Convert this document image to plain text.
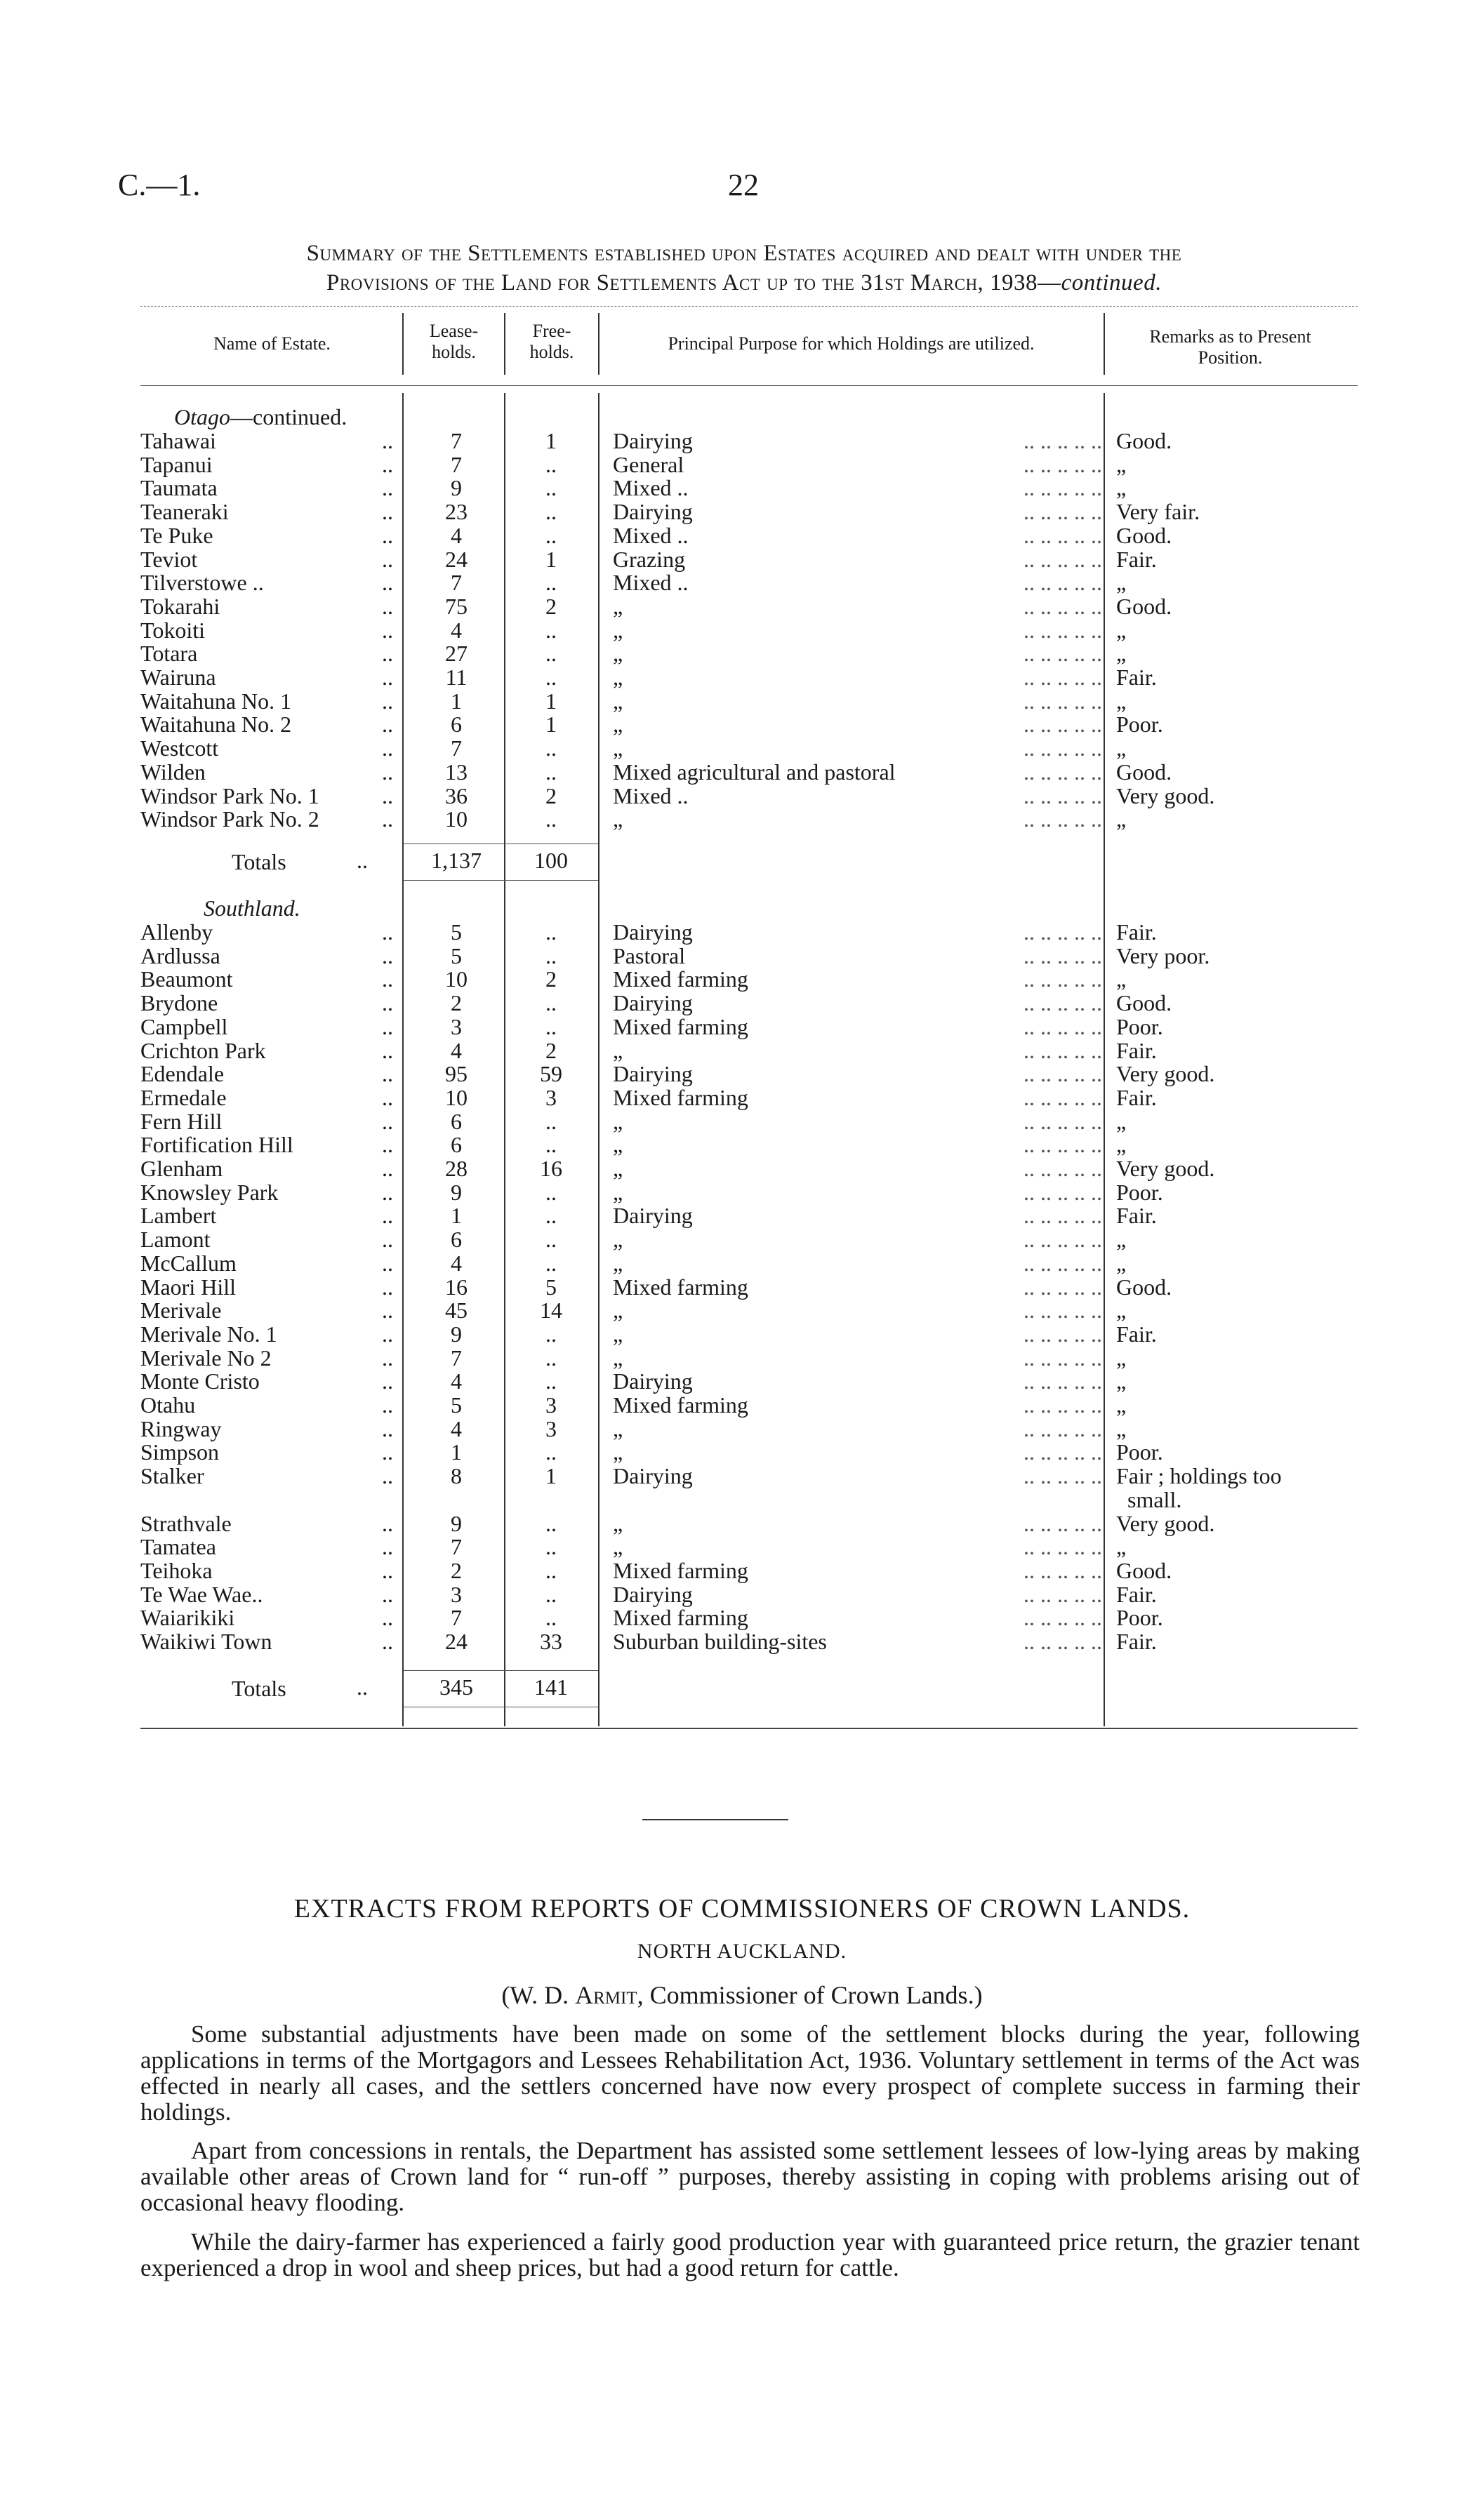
C.—1.	22
Summary of the Settlements established upon Estates acquired and dealt with under the
Provisions of the Land for Settlements Act up to the 31st March, 1938—continued.
Name of Estate.
Lease-
holds.
Free-
holds.	Principal Purpose for which Holdings are utilized.	Remarks as to Present
Position.
Otago—continued.
Tahawai	..	7	1	Dairying	.. .. .. .. .. Good.
Tapanui	..	7	..	General	.. .. .. .. .. „
Taumata	..	9	..	Mixed ..	.. .. .. .. .. „
Teaneraki	..	23	..	Dairying	.. .. .. .. .. Very fair.
Te Puke	..	4	..	Mixed ..	.. .. .. .. .. Good.
Teviot	..	24	1	Grazing	.. .. .. .. .. Fair.
Tilverstowe ..	..	7	..	Mixed ..	.. .. .. .. .. „
Tokarahi	..	75	2	„	.. .. .. .. .. Good.
Tokoiti	..	4	..	„	.. .. .. .. .. „
Totara	..	27	..	„	.. .. .. .. .. „
Wairuna	..	11	..	„	.. .. .. .. .. Fair.
Waitahuna No. 1	..	1	1	„	.. .. .. .. .. „
Waitahuna No. 2	..	6	1	„	.. .. .. .. .. Poor.
Westcott	..	7	..	„	.. .. .. .. .. „
Wilden	..	13	..	Mixed agricultural and pastoral	.. .. .. .. .. Good.
Windsor Park No. 1	..	36	2	Mixed ..	.. .. .. .. .. Very good.
Windsor Park No. 2	..	10	..	„	.. .. .. .. .. „
Totals	..	1,137	100
Southland.
Allenby	..	5	..	Dairying	.. .. .. .. .. Fair.
Ardlussa	..	5	..	Pastoral	.. .. .. .. .. Very poor.
Beaumont	..	10	2	Mixed farming	.. .. .. .. .. „
Brydone	..	2	..	Dairying	.. .. .. .. .. Good.
Campbell	..	3	..	Mixed farming	.. .. .. .. .. Poor.
Crichton Park	..	4	2	„	.. .. .. .. .. Fair.
Edendale	..	95	59	Dairying	.. .. .. .. .. Very good.
Ermedale	..	10	3	Mixed farming	.. .. .. .. .. Fair.
Fern Hill	..	6	..	„	.. .. .. .. .. „
Fortification Hill	..	6	..	„	.. .. .. .. .. „
Glenham	..	28	16	„	.. .. .. .. .. Very good.
Knowsley Park	..	9	..	„	.. .. .. .. .. Poor.
Lambert	..	1	..	Dairying	.. .. .. .. .. Fair.
Lamont	..	6	..	„	.. .. .. .. .. „
McCallum	..	4	..	„	.. .. .. .. .. „
Maori Hill	..	16	5	Mixed farming	.. .. .. .. .. Good.
Merivale	..	45	14	„	.. .. .. .. .. „
Merivale No. 1	..	9	..	„	.. .. .. .. .. Fair.
Merivale No 2	..	7	..	„	.. .. .. .. .. „
Monte Cristo	..	4	..	Dairying	.. .. .. .. .. „
Otahu	..	5	3	Mixed farming	.. .. .. .. .. „
Ringway	..	4	3	„	.. .. .. .. .. „
Simpson	..	1	..	„	.. .. .. .. .. Poor.
Stalker	..	8	1	Dairying	.. .. .. .. .. Fair ; holdings too
small.
Strathvale	..	9	..	„	.. .. .. .. .. Very good.
Tamatea	..	7	..	„	.. .. .. .. .. „
Teihoka	..	2	..	Mixed farming	.. .. .. .. .. Good.
Te Wae Wae..	..	3	..	Dairying	.. .. .. .. .. Fair.
Waiarikiki	..	7	..	Mixed farming	.. .. .. .. .. Poor.
Waikiwi Town	..	24	33	Suburban building-sites	.. .. .. .. .. Fair.
Totals	..	345	141
EXTRACTS FROM REPORTS OF COMMISSIONERS OF CROWN LANDS.
NORTH AUCKLAND.
(W. D. Armit, Commissioner of Crown Lands.)
Some substantial adjustments have been made on some of the settlement blocks during the year, following applications in terms of the Mortgagors and Lessees Rehabilitation Act, 1936. Voluntary settlement in terms of the Act was effected in nearly all cases, and the settlers concerned have now every prospect of complete success in farming their holdings.
Apart from concessions in rentals, the Department has assisted some settlement lessees of low-lying areas by making available other areas of Crown land for “ run-off ” purposes, thereby assisting in coping with problems arising out of occasional heavy flooding.
While the dairy-farmer has experienced a fairly good production year with guaranteed price return, the grazier tenant experienced a drop in wool and sheep prices, but had a good return for cattle.
